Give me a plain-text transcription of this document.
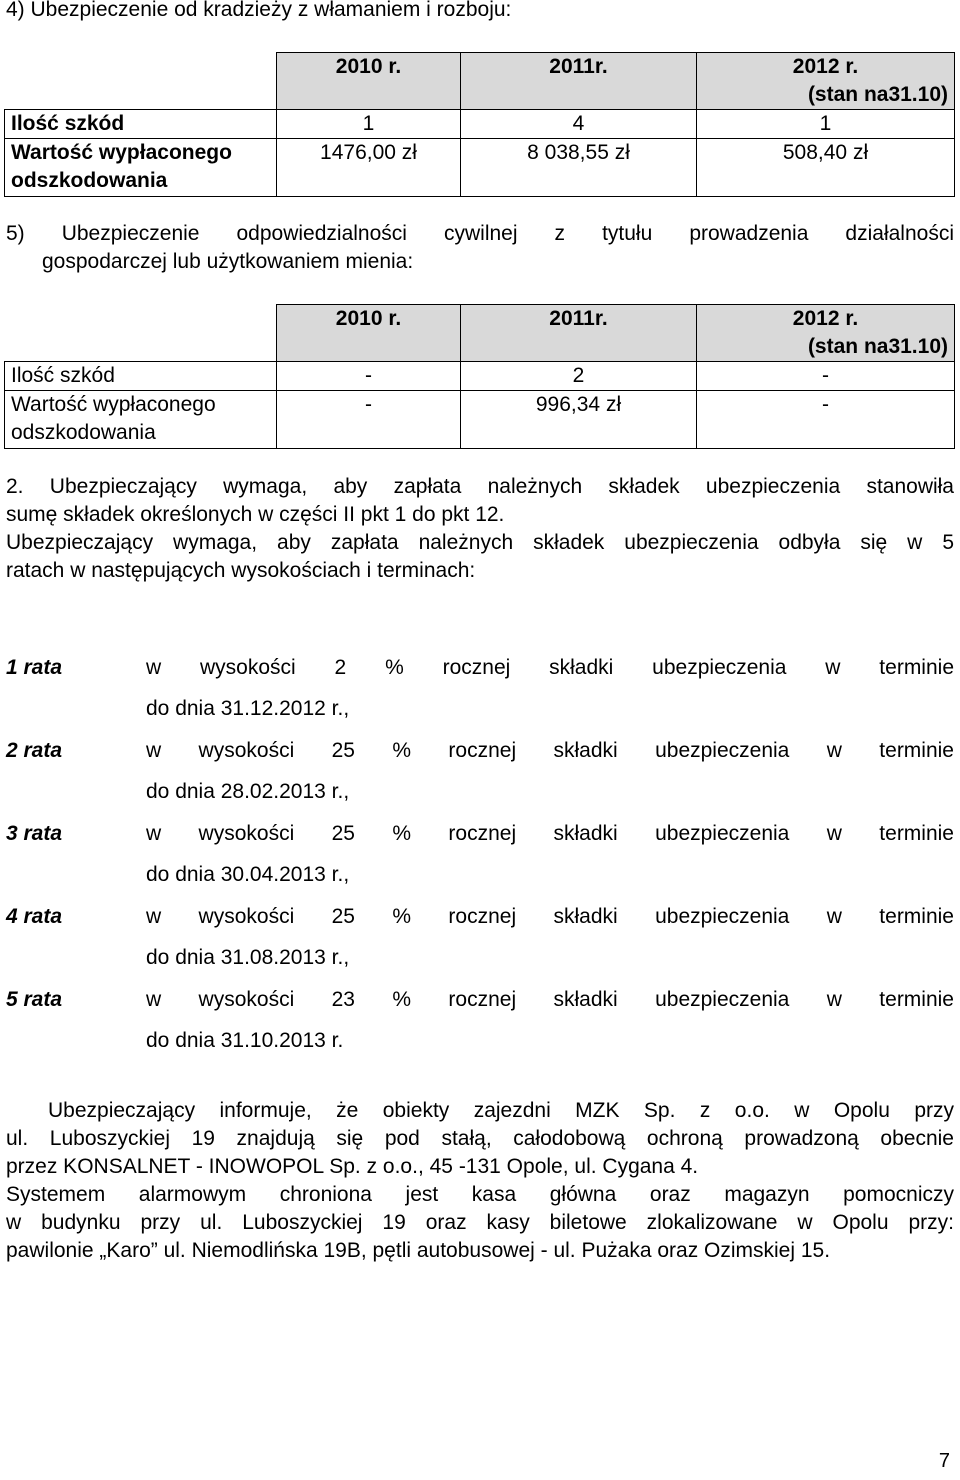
4) Ubezpieczenie od kradzieży z włamaniem i rozboju:
	2010 r.	2011r.	2012 r.

(stan na31.10)

Ilość szkód	1	4	1
Wartość wypłaconego
odszkodowania	1476,00 zł	8 038,55 zł	508,40 zł
5) Ubezpieczenie odpowiedzialności cywilnej z tytułu prowadzenia działalności
gospodarczej lub użytkowaniem mienia:
	2010 r.	2011r.	2012 r.

(stan na31.10)

Ilość szkód	-	2	-
Wartość wypłaconego
odszkodowania	-	996,34 zł	-
2. Ubezpieczający wymaga, aby zapłata należnych składek ubezpieczenia stanowiła
sumę składek określonych w części II pkt 1 do pkt 12.
Ubezpieczający wymaga, aby zapłata należnych składek ubezpieczenia odbyła się w 5
ratach w następujących wysokościach i terminach:
1 rata	w wysokości 2 % rocznej składki ubezpieczenia w terminie
do dnia 31.12.2012 r.,
2 rata	w wysokości 25 % rocznej składki ubezpieczenia w terminie
do dnia 28.02.2013 r.,
3 rata	w wysokości 25 % rocznej składki ubezpieczenia w terminie
do dnia 30.04.2013 r.,
4 rata	w wysokości 25 % rocznej składki ubezpieczenia w terminie
do dnia 31.08.2013 r.,
5 rata	w wysokości 23 % rocznej składki ubezpieczenia w terminie
do dnia 31.10.2013 r.
Ubezpieczający informuje, że obiekty zajezdni MZK Sp. z o.o. w Opolu przy
ul. Luboszyckiej 19 znajdują się pod stałą, całodobową ochroną prowadzoną obecnie
przez KONSALNET - INOWOPOL Sp. z o.o., 45 -131 Opole, ul. Cygana 4.
Systemem alarmowym chroniona jest kasa główna oraz magazyn pomocniczy
w budynku przy ul. Luboszyckiej 19 oraz kasy biletowe zlokalizowane w Opolu przy:
pawilonie „Karo” ul. Niemodlińska 19B, pętli autobusowej - ul. Pużaka oraz Ozimskiej 15.
7
